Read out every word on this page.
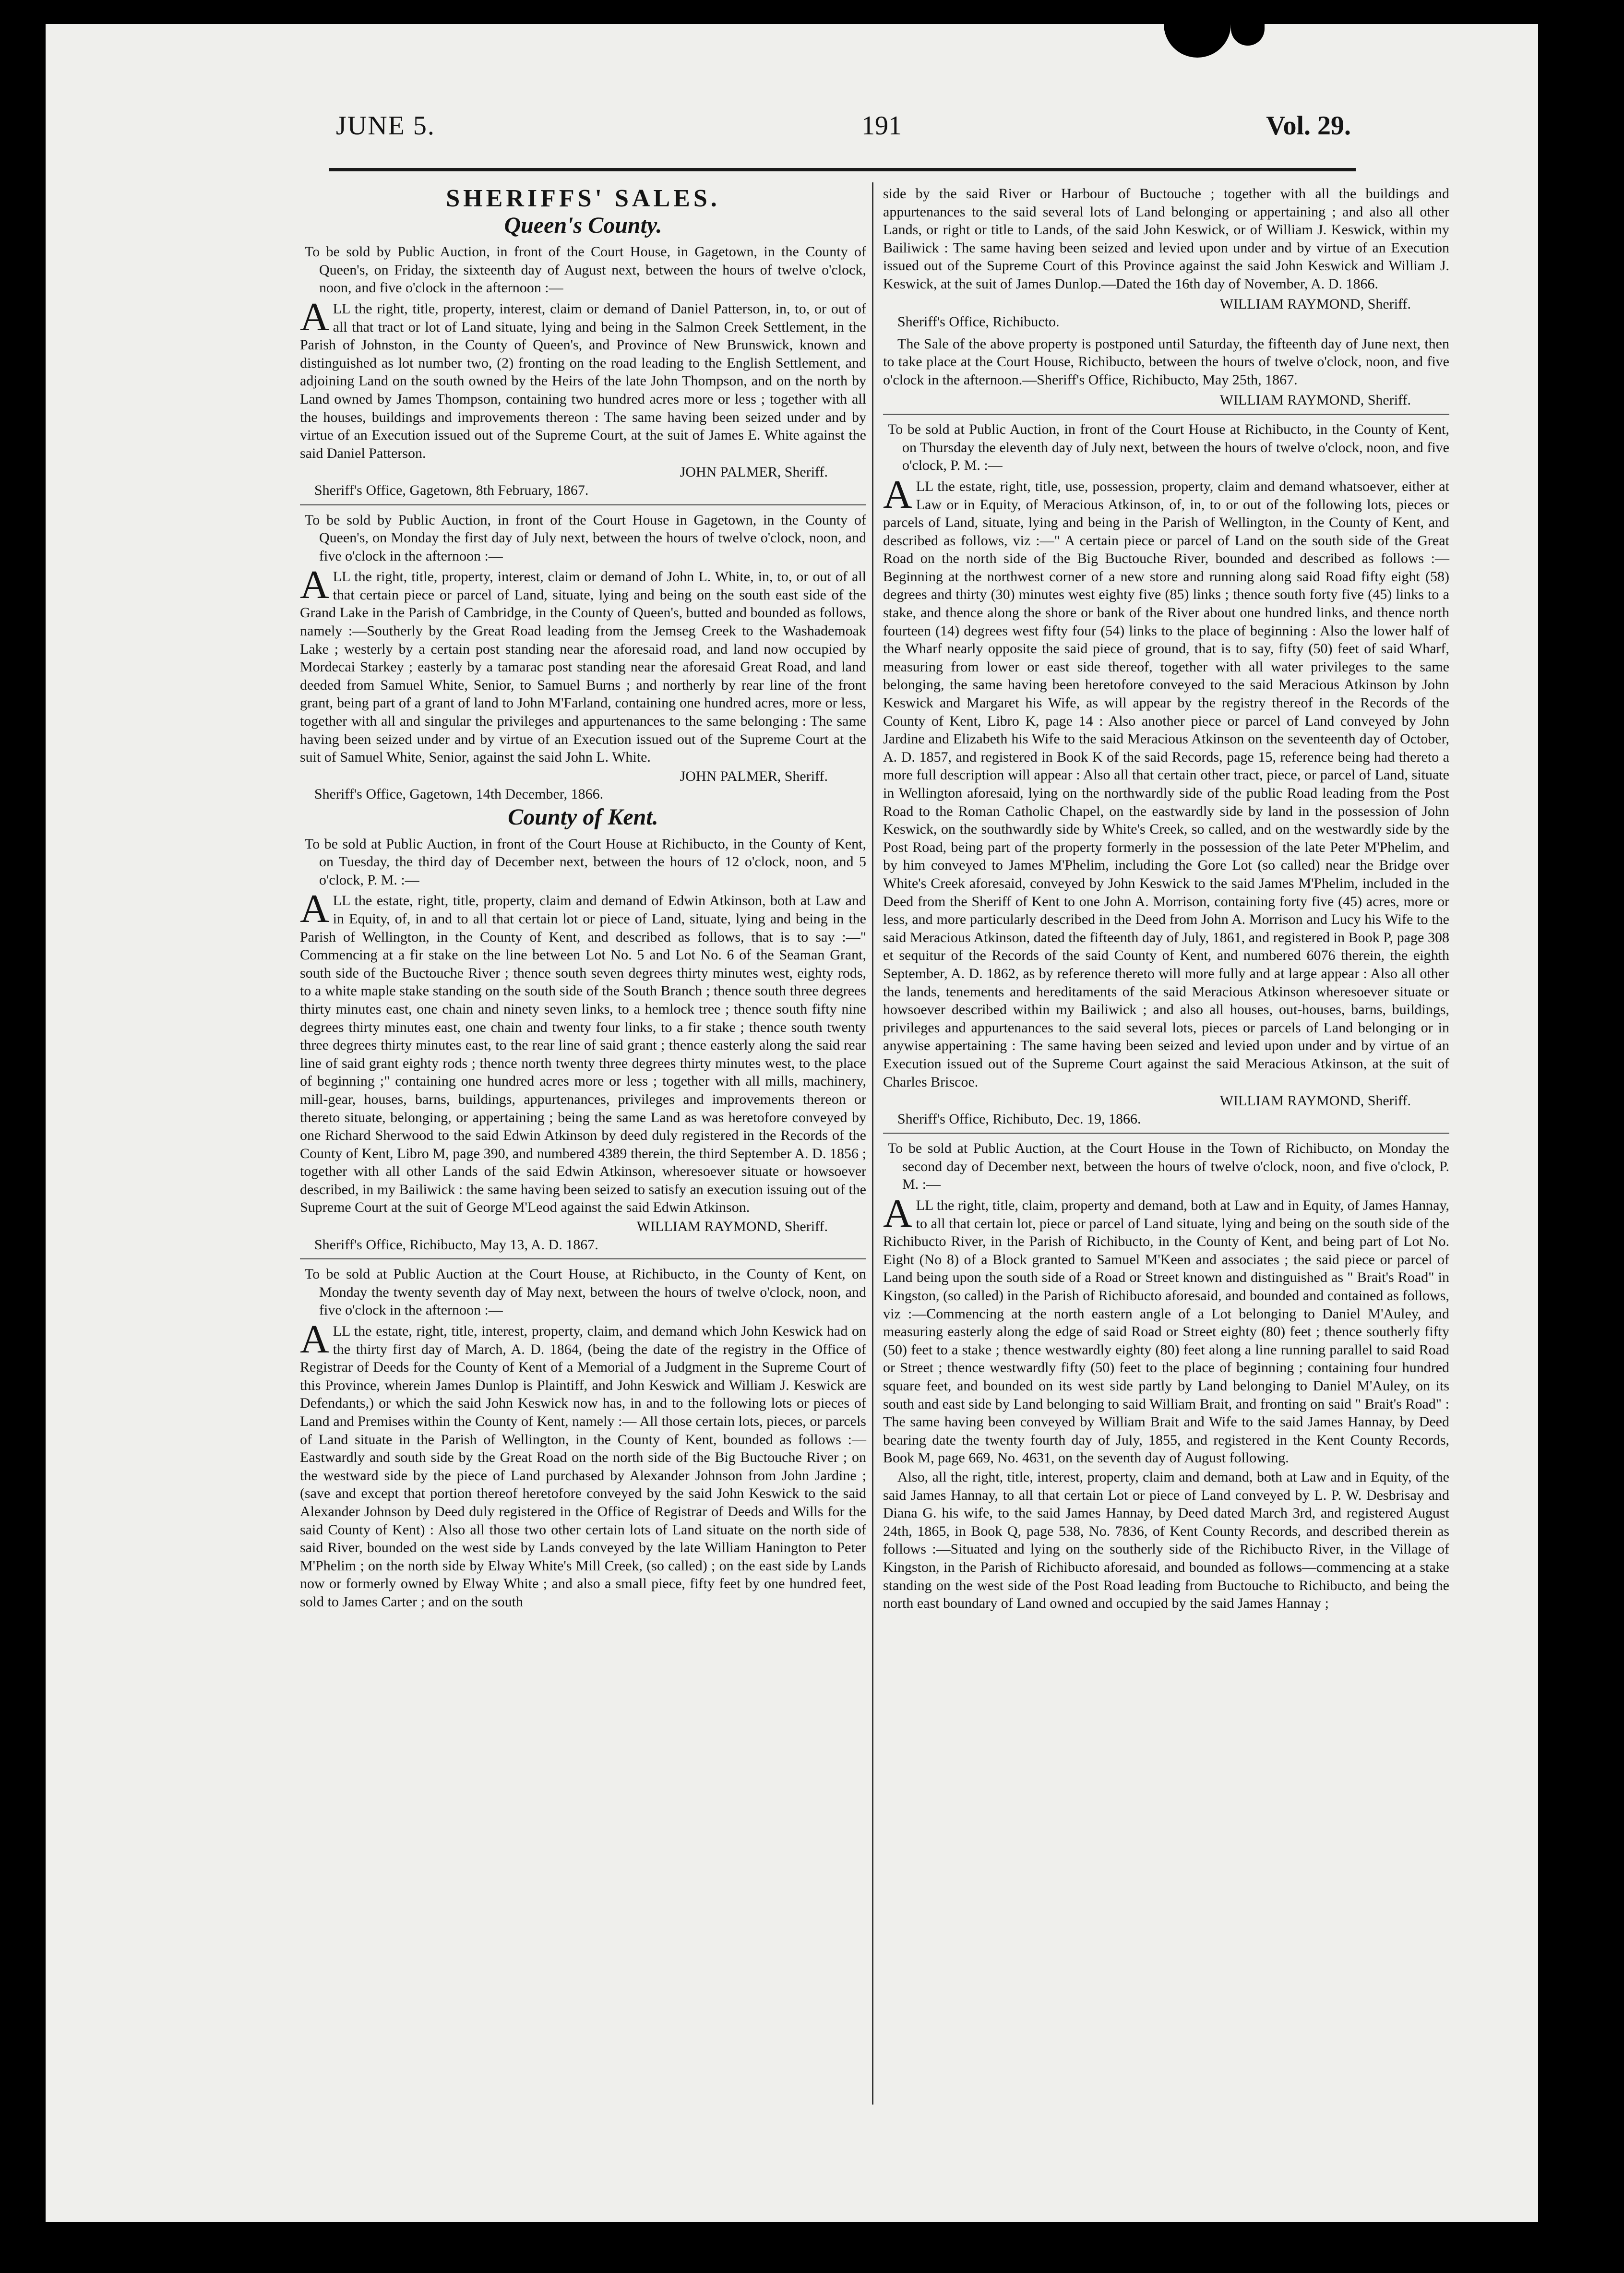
JUNE 5.	191	Vol. 29.
SHERIFFS' SALES.
Queen's County.

To be sold by Public Auction, in front of the Court House, in Gagetown, in the County of Queen's, on Friday, the sixteenth day of August next, between the hours of twelve o'clock, noon, and five o'clock in the afternoon :—

ALL the right, title, property, interest, claim or demand of Daniel Patterson, in, to, or out of all that tract or lot of Land situate, lying and being in the Salmon Creek Settlement, in the Parish of Johnston, in the County of Queen's, and Province of New Brunswick, known and distinguished as lot number two, (2) fronting on the road leading to the English Settlement, and adjoining Land on the south owned by the Heirs of the late John Thompson, and on the north by Land owned by James Thompson, containing two hundred acres more or less ; together with all the houses, buildings and improvements thereon : The same having been seized under and by virtue of an Execution issued out of the Supreme Court, at the suit of James E. White against the said Daniel Patterson.

JOHN PALMER, Sheriff.

Sheriff's Office, Gagetown, 8th February, 1867.

To be sold by Public Auction, in front of the Court House in Gagetown, in the County of Queen's, on Monday the first day of July next, between the hours of twelve o'clock, noon, and five o'clock in the afternoon :—

ALL the right, title, property, interest, claim or demand of John L. White, in, to, or out of all that certain piece or parcel of Land, situate, lying and being on the south east side of the Grand Lake in the Parish of Cambridge, in the County of Queen's, butted and bounded as follows, namely :—Southerly by the Great Road leading from the Jemseg Creek to the Washademoak Lake ; westerly by a certain post standing near the aforesaid road, and land now occupied by Mordecai Starkey ; easterly by a tamarac post standing near the aforesaid Great Road, and land deeded from Samuel White, Senior, to Samuel Burns ; and northerly by rear line of the front grant, being part of a grant of land to John M'Farland, containing one hundred acres, more or less, together with all and singular the privileges and appurtenances to the same belonging : The same having been seized under and by virtue of an Execution issued out of the Supreme Court at the suit of Samuel White, Senior, against the said John L. White.

JOHN PALMER, Sheriff.

Sheriff's Office, Gagetown, 14th December, 1866.

County of Kent.

To be sold at Public Auction, in front of the Court House at Richibucto, in the County of Kent, on Tuesday, the third day of December next, between the hours of 12 o'clock, noon, and 5 o'clock, P. M. :—

ALL the estate, right, title, property, claim and demand of Edwin Atkinson, both at Law and in Equity, of, in and to all that certain lot or piece of Land, situate, lying and being in the Parish of Wellington, in the County of Kent, and described as follows, that is to say :—" Commencing at a fir stake on the line between Lot No. 5 and Lot No. 6 of the Seaman Grant, south side of the Buctouche River ; thence south seven degrees thirty minutes west, eighty rods, to a white maple stake standing on the south side of the South Branch ; thence south three degrees thirty minutes east, one chain and ninety seven links, to a hemlock tree ; thence south fifty nine degrees thirty minutes east, one chain and twenty four links, to a fir stake ; thence south twenty three degrees thirty minutes east, to the rear line of said grant ; thence easterly along the said rear line of said grant eighty rods ; thence north twenty three degrees thirty minutes west, to the place of beginning ;" containing one hundred acres more or less ; together with all mills, machinery, mill-gear, houses, barns, buildings, appurtenances, privileges and improvements thereon or thereto situate, belonging, or appertaining ; being the same Land as was heretofore conveyed by one Richard Sherwood to the said Edwin Atkinson by deed duly registered in the Records of the County of Kent, Libro M, page 390, and numbered 4389 therein, the third September A. D. 1856 ; together with all other Lands of the said Edwin Atkinson, wheresoever situate or howsoever described, in my Bailiwick : the same having been seized to satisfy an execution issuing out of the Supreme Court at the suit of George M'Leod against the said Edwin Atkinson.

WILLIAM RAYMOND, Sheriff.

Sheriff's Office, Richibucto, May 13, A. D. 1867.

To be sold at Public Auction at the Court House, at Richibucto, in the County of Kent, on Monday the twenty seventh day of May next, between the hours of twelve o'clock, noon, and five o'clock in the afternoon :—

ALL the estate, right, title, interest, property, claim, and demand which John Keswick had on the thirty first day of March, A. D. 1864, (being the date of the registry in the Office of Registrar of Deeds for the County of Kent of a Memorial of a Judgment in the Supreme Court of this Province, wherein James Dunlop is Plaintiff, and John Keswick and William J. Keswick are Defendants,) or which the said John Keswick now has, in and to the following lots or pieces of Land and Premises within the County of Kent, namely :— All those certain lots, pieces, or parcels of Land situate in the Parish of Wellington, in the County of Kent, bounded as follows :—Eastwardly and south side by the Great Road on the north side of the Big Buctouche River ; on the westward side by the piece of Land purchased by Alexander Johnson from John Jardine ; (save and except that portion thereof heretofore conveyed by the said John Keswick to the said Alexander Johnson by Deed duly registered in the Office of Registrar of Deeds and Wills for the said County of Kent) : Also all those two other certain lots of Land situate on the north side of said River, bounded on the west side by Lands conveyed by the late William Hanington to Peter M'Phelim ; on the north side by Elway White's Mill Creek, (so called) ; on the east side by Lands now or formerly owned by Elway White ; and also a small piece, fifty feet by one hundred feet, sold to James Carter ; and on the south

side by the said River or Harbour of Buctouche ; together with all the buildings and appurtenances to the said several lots of Land belonging or appertaining ; and also all other Lands, or right or title to Lands, of the said John Keswick, or of William J. Keswick, within my Bailiwick : The same having been seized and levied upon under and by virtue of an Execution issued out of the Supreme Court of this Province against the said John Keswick and William J. Keswick, at the suit of James Dunlop.—Dated the 16th day of November, A. D. 1866.

WILLIAM RAYMOND, Sheriff.

Sheriff's Office, Richibucto.

The Sale of the above property is postponed until Saturday, the fifteenth day of June next, then to take place at the Court House, Richibucto, between the hours of twelve o'clock, noon, and five o'clock in the afternoon.—Sheriff's Office, Richibucto, May 25th, 1867.

WILLIAM RAYMOND, Sheriff.

To be sold at Public Auction, in front of the Court House at Richibucto, in the County of Kent, on Thursday the eleventh day of July next, between the hours of twelve o'clock, noon, and five o'clock, P. M. :—

ALL the estate, right, title, use, possession, property, claim and demand whatsoever, either at Law or in Equity, of Meracious Atkinson, of, in, to or out of the following lots, pieces or parcels of Land, situate, lying and being in the Parish of Wellington, in the County of Kent, and described as follows, viz :—" A certain piece or parcel of Land on the south side of the Great Road on the north side of the Big Buctouche River, bounded and described as follows :— Beginning at the northwest corner of a new store and running along said Road fifty eight (58) degrees and thirty (30) minutes west eighty five (85) links ; thence south forty five (45) links to a stake, and thence along the shore or bank of the River about one hundred links, and thence north fourteen (14) degrees west fifty four (54) links to the place of beginning : Also the lower half of the Wharf nearly opposite the said piece of ground, that is to say, fifty (50) feet of said Wharf, measuring from lower or east side thereof, together with all water privileges to the same belonging, the same having been heretofore conveyed to the said Meracious Atkinson by John Keswick and Margaret his Wife, as will appear by the registry thereof in the Records of the County of Kent, Libro K, page 14 : Also another piece or parcel of Land conveyed by John Jardine and Elizabeth his Wife to the said Meracious Atkinson on the seventeenth day of October, A. D. 1857, and registered in Book K of the said Records, page 15, reference being had thereto a more full description will appear : Also all that certain other tract, piece, or parcel of Land, situate in Wellington aforesaid, lying on the northwardly side of the public Road leading from the Post Road to the Roman Catholic Chapel, on the eastwardly side by land in the possession of John Keswick, on the southwardly side by White's Creek, so called, and on the westwardly side by the Post Road, being part of the property formerly in the possession of the late Peter M'Phelim, and by him conveyed to James M'Phelim, including the Gore Lot (so called) near the Bridge over White's Creek aforesaid, conveyed by John Keswick to the said James M'Phelim, included in the Deed from the Sheriff of Kent to one John A. Morrison, containing forty five (45) acres, more or less, and more particularly described in the Deed from John A. Morrison and Lucy his Wife to the said Meracious Atkinson, dated the fifteenth day of July, 1861, and registered in Book P, page 308 et sequitur of the Records of the said County of Kent, and numbered 6076 therein, the eighth September, A. D. 1862, as by reference thereto will more fully and at large appear : Also all other the lands, tenements and hereditaments of the said Meracious Atkinson wheresoever situate or howsoever described within my Bailiwick ; and also all houses, out-houses, barns, buildings, privileges and appurtenances to the said several lots, pieces or parcels of Land belonging or in anywise appertaining : The same having been seized and levied upon under and by virtue of an Execution issued out of the Supreme Court against the said Meracious Atkinson, at the suit of Charles Briscoe.

WILLIAM RAYMOND, Sheriff.

Sheriff's Office, Richibuto, Dec. 19, 1866.

To be sold at Public Auction, at the Court House in the Town of Richibucto, on Monday the second day of December next, between the hours of twelve o'clock, noon, and five o'clock, P. M. :—

ALL the right, title, claim, property and demand, both at Law and in Equity, of James Hannay, to all that certain lot, piece or parcel of Land situate, lying and being on the south side of the Richibucto River, in the Parish of Richibucto, in the County of Kent, and being part of Lot No. Eight (No 8) of a Block granted to Samuel M'Keen and associates ; the said piece or parcel of Land being upon the south side of a Road or Street known and distinguished as " Brait's Road" in Kingston, (so called) in the Parish of Richibucto aforesaid, and bounded and contained as follows, viz :—Commencing at the north eastern angle of a Lot belonging to Daniel M'Auley, and measuring easterly along the edge of said Road or Street eighty (80) feet ; thence southerly fifty (50) feet to a stake ; thence westwardly eighty (80) feet along a line running parallel to said Road or Street ; thence westwardly fifty (50) feet to the place of beginning ; containing four hundred square feet, and bounded on its west side partly by Land belonging to Daniel M'Auley, on its south and east side by Land belonging to said William Brait, and fronting on said " Brait's Road" : The same having been conveyed by William Brait and Wife to the said James Hannay, by Deed bearing date the twenty fourth day of July, 1855, and registered in the Kent County Records, Book M, page 669, No. 4631, on the seventh day of August following.

Also, all the right, title, interest, property, claim and demand, both at Law and in Equity, of the said James Hannay, to all that certain Lot or piece of Land conveyed by L. P. W. Desbrisay and Diana G. his wife, to the said James Hannay, by Deed dated March 3rd, and registered August 24th, 1865, in Book Q, page 538, No. 7836, of Kent County Records, and described therein as follows :—Situated and lying on the southerly side of the Richibucto River, in the Village of Kingston, in the Parish of Richibucto aforesaid, and bounded as follows—commencing at a stake standing on the west side of the Post Road leading from Buctouche to Richibucto, and being the north east boundary of Land owned and occupied by the said James Hannay ;
